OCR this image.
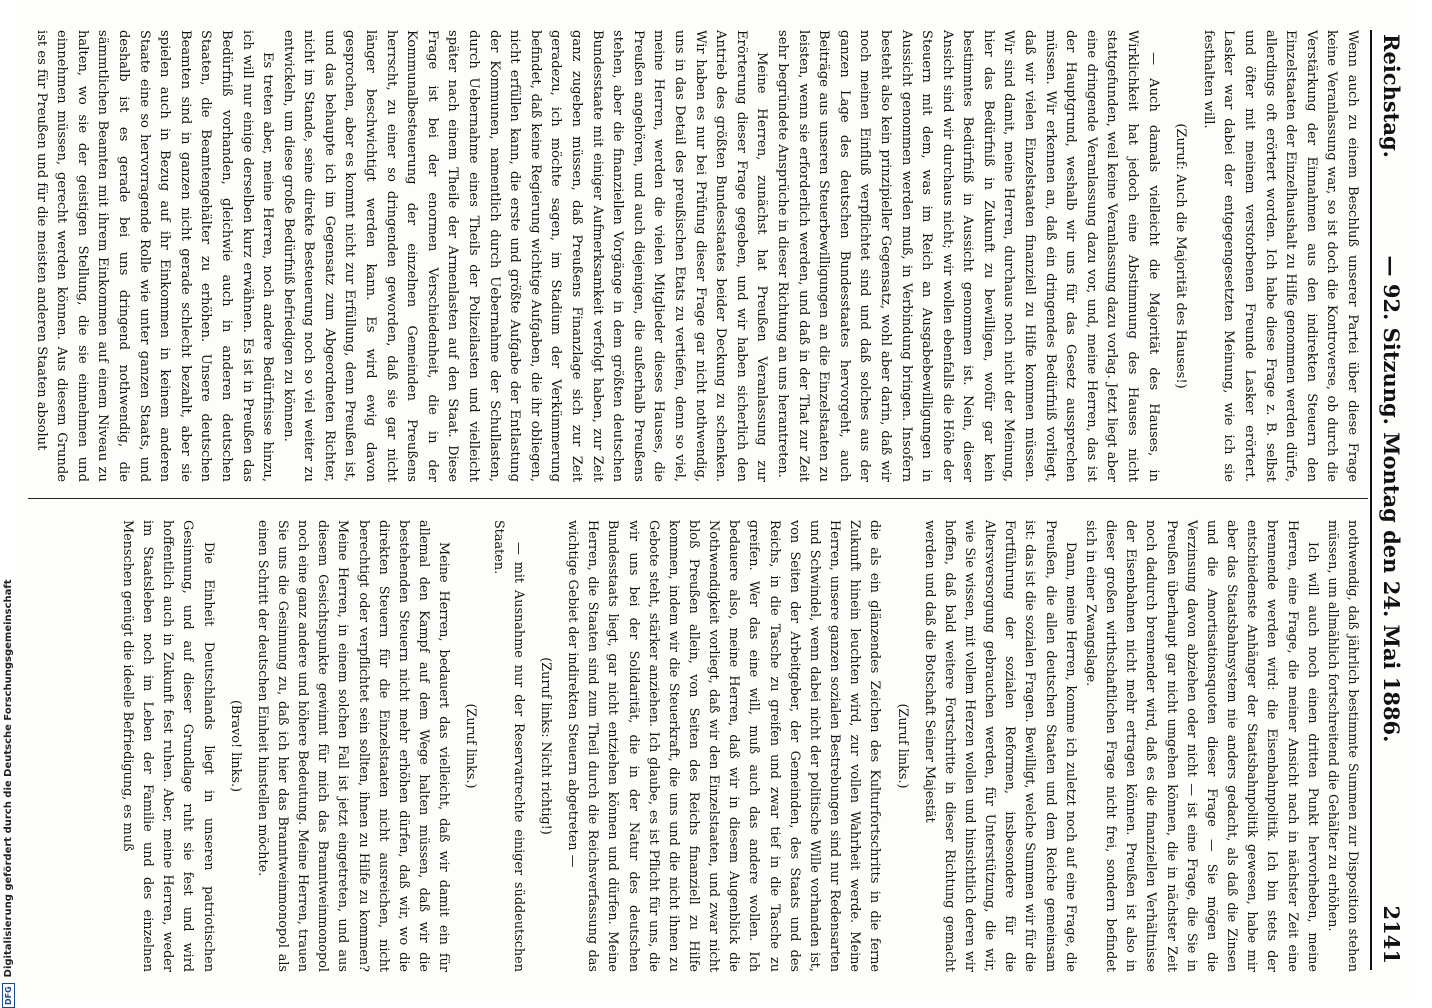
Reichstag.
— 92. Sitzung. Montag den 24. Mai 1886.
2141

Wenn auch zu einem Beschluß unserer Partei über diese Frage keine Veranlassung war, so ist doch die Kontroverse, ob durch die Verstärkung der Einnahmen aus den indirekten Steuern den Einzelstaaten der Einzelhaushalt zu Hilfe genommen werden dürfe, allerdings oft erörtert worden. Ich habe diese Frage z. B. selbst und öfter mit meinem verstorbenen Freunde Lasker erörtert. Lasker war dabei der entgegengesetzten Meinung, wie ich sie festhalten will.

(Zuruf: Auch die Majorität des Hauses!)

— Auch damals vielleicht die Majorität des Hauses, in Wirklichkeit hat jedoch eine Abstimmung des Hauses nicht stattgefunden, weil keine Veranlassung dazu vorlag. Jetzt liegt aber eine dringende Veranlassung dazu vor, und, meine Herren, das ist der Hauptgrund, weshalb wir uns für das Gesetz aussprechen müssen. Wir erkennen an, daß ein dringendes Bedürfniß vorliegt, daß wir vielen Einzelstaaten finanziell zu Hilfe kommen müssen. Wir sind damit, meine Herren, durchaus noch nicht der Meinung, hier das Bedürfniß in Zukunft zu bewilligen, wofür gar kein bestimmtes Bedürfniß in Aussicht genommen ist. Nein, dieser Ansicht sind wir durchaus nicht; wir wollen ebenfalls die Höhe der Steuern mit dem, was im Reich an Ausgabebewilligungen in Aussicht genommen werden muß, in Verbindung bringen. Insofern besteht also kein prinzipieller Gegensatz, wohl aber darin, daß wir noch meinen Einfluß verpflichtet sind und daß solches aus der ganzen Lage des deutschen Bundesstaates hervorgeht, auch Beiträge aus unseren Steuerbewilligungen an die Einzelstaaten zu leisten, wenn sie erforderlich werden, und daß in der That zur Zeit sehr begründete Ansprüche in dieser Richtung an uns herantreten.

Meine Herren, zunächst hat Preußen Veranlassung zur Erörterung dieser Frage gegeben, und wir haben sicherlich den Antrieb des größten Bundesstaates beider Deckung zu schenken. Wir haben es nur bei Prüfung dieser Frage gar nicht nothwendig, uns in das Detail des preußischen Etats zu vertiefen, denn so viel, meine Herren, werden die vielen Mitglieder dieses Hauses, die Preußen angehören, und auch diejenigen, die außerhalb Preußens stehen, aber die finanziellen Vorgänge in dem größten deutschen Bundesstaate mit einiger Aufmerksamkeit verfolgt haben, zur Zeit ganz zugeben müssen, daß Preußens Finanzlage sich zur Zeit geradezu, ich möchte sagen, im Stadium der Verkümmerung befindet, daß keine Regierung wichtige Aufgaben, die ihr obliegen, nicht erfüllen kann, die erste und größte Aufgabe der Entlastung der Kommunen, namentlich durch Uebernahme der Schullasten, durch Uebernahme eines Theils der Polizeilasten und vielleicht später nach einem Theile der Armenlasten auf den Staat. Diese Frage ist bei der enormen Verschiedenheit, die in der Kommunalbesteuerung der einzelnen Gemeinden Preußens herrscht, zu einer so dringenden geworden, daß sie gar nicht länger beschwichtigt werden kann. Es wird ewig davon gesprochen, aber es kommt nicht zur Erfüllung, denn Preußen ist, und das behaupte ich im Gegensatz zum Abgeordneten Richter, nicht im Stande, seine direkte Besteuerung noch so viel weiter zu entwickeln, um diese große Bedürfniß befriedigen zu können.

Es treten aber, meine Herren, noch andere Bedürfnisse hinzu, ich will nur einige derselben kurz erwähnen. Es ist in Preußen das Bedürfniß vorhanden, gleichwie auch in anderen deutschen Staaten, die Beamtengehälter zu erhöhen. Unsere deutschen Beamten sind in ganzen nicht gerade schlecht bezahlt, aber sie spielen auch in Bezug auf ihr Einkommen in keinem anderen Staate eine so hervorragende Rolle wie unter ganzen Staats, und deshalb ist es gerade bei uns dringend nothwendig, die sämmtlichen Beamten mit ihrem Einkommen auf einem Niveau zu halten, wo sie der geistigen Stellung, die sie einnehmen und einnehmen müssen, gerecht werden können. Aus diesem Grunde ist es für Preußen und für die meisten anderen Staaten absolut

nothwendig, daß jährlich bestimmte Summen zur Disposition stehen müssen, um allmählich fortschreitend die Gehälter zu erhöhen.

Ich will auch noch einen dritten Punkt hervorheben, meine Herren, eine Frage, die meiner Ansicht nach in nächster Zeit eine brennende werden wird: die Eisenbahnpolitik. Ich bin stets der entschiedenste Anhänger der Staatsbahnpolitik gewesen, habe mir aber das Staatsbahnsystem nie anders gedacht, als daß die Zinsen und die Amortisationsquoten dieser Frage — Sie mögen die Verzinsung davon abziehen oder nicht — ist eine Frage, die Sie in Preußen überhaupt gar nicht umgehen können, die in nächster Zeit noch dadurch brennender wird, daß es die finanziellen Verhältnisse der Eisenbahnen nicht mehr ertragen können. Preußen ist also in dieser großen wirthschaftlichen Frage nicht frei, sondern befindet sich in einer Zwangslage.

Dann, meine Herren, komme ich zuletzt noch auf eine Frage, die Preußen, die allen deutschen Staaten und dem Reiche gemeinsam ist: das ist die sozialen Fragen. Bewilligt, welche Summen wir für die Fortführung der sozialen Reformen, insbesondere für die Altersversorgung gebrauchen werden, für Unterstützung, die wir, wie Sie wissen, mit vollem Herzen wollen und hinsichtlich deren wir hoffen, daß bald weitere Fortschritte in dieser Richtung gemacht werden und daß die Botschaft Seiner Majestät

(Zuruf links.)

die als ein glänzendes Zeichen des Kulturfortschritts in die ferne Zukunft hinein leuchten wird, zur vollen Wahrheit werde. Meine Herren, unsere ganzen sozialen Bestrebungen sind nur Redensarten und Schwindel, wenn dabei nicht der politische Wille vorhanden ist, von Seiten der Arbeitgeber, der Gemeinden, des Staats und des Reichs, in die Tasche zu greifen und zwar tief in die Tasche zu greifen. Wer das eine will, muß auch das andere wollen. Ich bedauere also, meine Herren, daß wir in diesem Augenblick die Nothwendigkeit vorliegt, daß wir den Einzelstaaten, und zwar nicht bloß Preußen allein, von Seiten des Reichs finanziell zu Hilfe kommen, indem wir die Steuerkraft, die uns und die nicht ihnen zu Gebote steht, stärker anziehen. Ich glaube, es ist Pflicht für uns, die wir uns bei der Solidarität, die in der Natur des deutschen Bundesstaats liegt, gar nicht entziehen können und dürfen. Meine Herren, die Staaten sind zum Theil durch die Reichsverfassung das wichtige Gebiet der indirekten Steuern abgetreten —

(Zuruf links: Nicht richtig!)

— mit Ausnahme nur der Reservatrechte einiger süddeutschen Staaten.

(Zuruf links.)

Meine Herren, bedauert das vielleicht, daß wir damit ein für allemal den Kampf auf dem Wege halten müssen, daß wir die bestehenden Steuern nicht mehr erhöhen dürfen, daß wir, wo die direkten Steuern für die Einzelstaaten nicht ausreichen, nicht berechtigt oder verpflichtet sein sollten, ihnen zu Hilfe zu kommen? Meine Herren, in einem solchen Fall ist jetzt eingetreten, und aus diesem Gesichtspunkte gewinnt für mich das Branntweinmonopol noch eine ganz andere und höhere Bedeutung. Meine Herren, trauen Sie uns die Gesinnung zu, daß ich hier das Branntweinmonopol als einen Schritt der deutschen Einheit hinstellen möchte.

(Bravo! links.)

Die Einheit Deutschlands liegt in unseren patriotischen Gesinnung, und auf dieser Grundlage ruht sie fest und wird hoffentlich auch in Zukunft fest ruhen. Aber, meine Herren, weder im Staatsleben noch im Leben der Familie und des einzelnen Menschen genügt die ideelle Befriedigung, es muß

DFGDigitalisierung gefördert durch die Deutsche Forschungsgemeinschaft
